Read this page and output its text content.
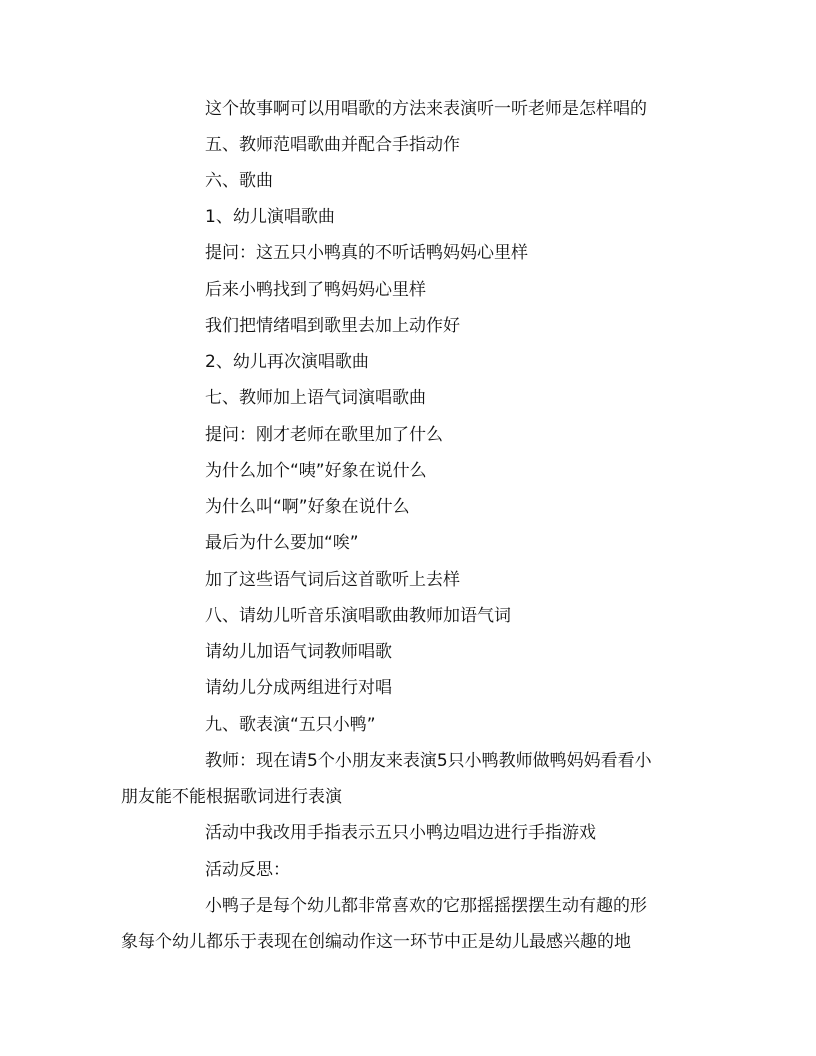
这个故事啊可以用唱歌的方法来表演听一听老师是怎样唱的
五、教师范唱歌曲并配合手指动作
六、歌曲
1、幼儿演唱歌曲
提问：这五只小鸭真的不听话鸭妈妈心里样
后来小鸭找到了鸭妈妈心里样
我们把情绪唱到歌里去加上动作好
2、幼儿再次演唱歌曲
七、教师加上语气词演唱歌曲
提问：刚才老师在歌里加了什么
为什么加个“咦”好象在说什么
为什么叫“啊”好象在说什么
最后为什么要加“唉”
加了这些语气词后这首歌听上去样
八、请幼儿听音乐演唱歌曲教师加语气词
请幼儿加语气词教师唱歌
请幼儿分成两组进行对唱
九、歌表演“五只小鸭”
教师：现在请5个小朋友来表演5只小鸭教师做鸭妈妈看看小
朋友能不能根据歌词进行表演
活动中我改用手指表示五只小鸭边唱边进行手指游戏
活动反思：
小鸭子是每个幼儿都非常喜欢的它那摇摇摆摆生动有趣的形
象每个幼儿都乐于表现在创编动作这一环节中正是幼儿最感兴趣的地
